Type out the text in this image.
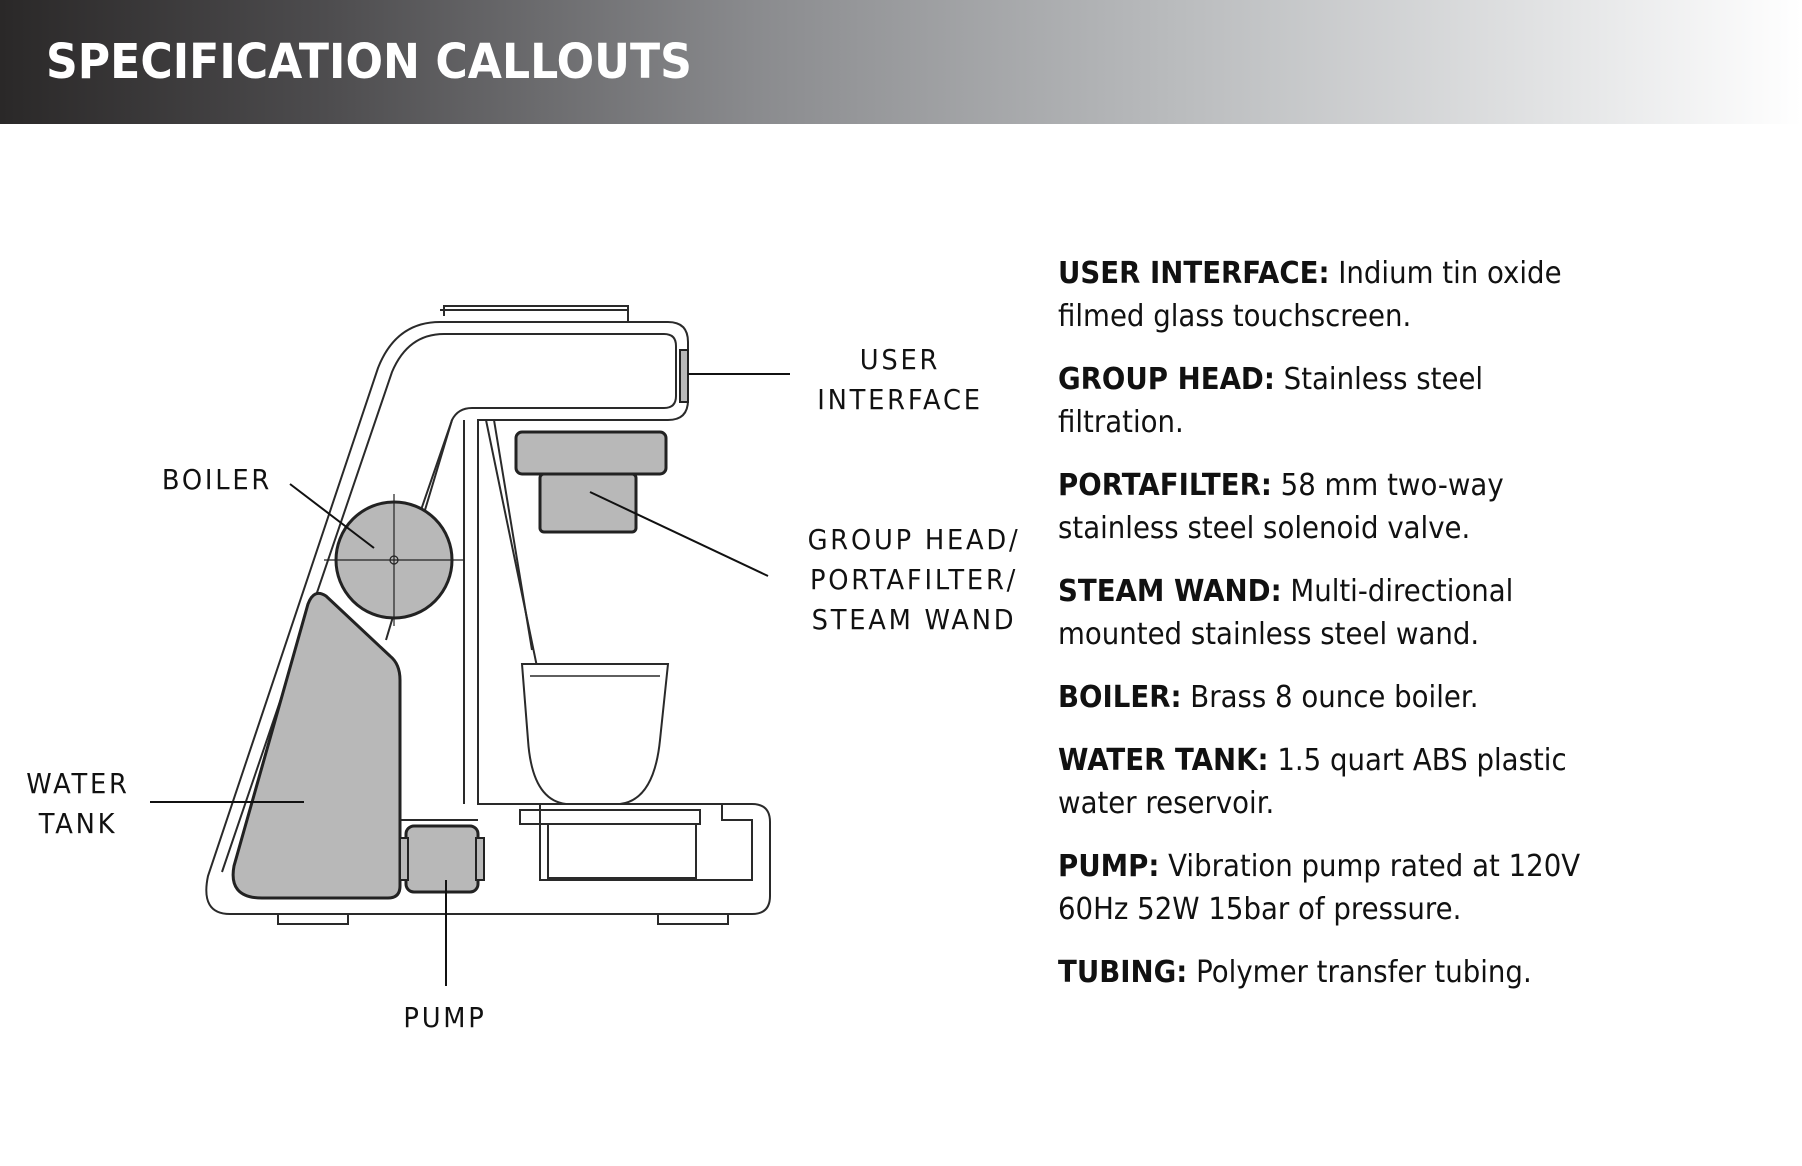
SPECIFICATION CALLOUTS
USER
INTERFACE
BOILER
GROUP HEAD/
PORTAFILTER/
STEAM WAND
WATER
TANK
PUMP

USER INTERFACE: Indium tin oxide
filmed glass touchscreen.

GROUP HEAD: Stainless steel
filtration.

PORTAFILTER: 58 mm two-way
stainless steel solenoid valve.

STEAM WAND: Multi-directional
mounted stainless steel wand.

BOILER: Brass 8 ounce boiler.

WATER TANK: 1.5 quart ABS plastic
water reservoir.

PUMP: Vibration pump rated at 120V
60Hz 52W 15bar of pressure.

TUBING: Polymer transfer tubing.
